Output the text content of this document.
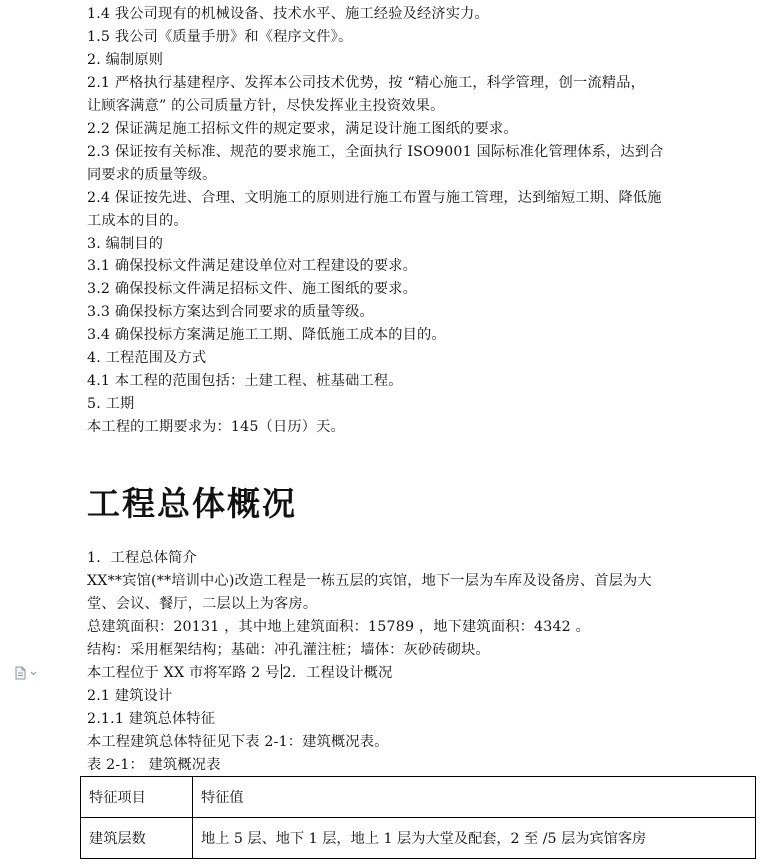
1.4 我公司现有的机械设备、技术水平、施工经验及经济实力。
1.5 我公司《质量手册》和《程序文件》。
2. 编制原则
2.1 严格执行基建程序、发挥本公司技术优势，按 “精心施工，科学管理，创一流精品，
让顾客满意” 的公司质量方针，尽快发挥业主投资效果。
2.2 保证满足施工招标文件的规定要求，满足设计施工图纸的要求。
2.3 保证按有关标准、规范的要求施工，全面执行 ISO9001 国际标准化管理体系，达到合
同要求的质量等级。
2.4 保证按先进、合理、文明施工的原则进行施工布置与施工管理，达到缩短工期、降低施
工成本的目的。
3. 编制目的
3.1 确保投标文件满足建设单位对工程建设的要求。
3.2 确保投标文件满足招标文件、施工图纸的要求。
3.3 确保投标方案达到合同要求的质量等级。
3.4 确保投标方案满足施工工期、降低施工成本的目的。
4. 工程范围及方式
4.1 本工程的范围包括：土建工程、桩基础工程。
5. 工期
本工程的工期要求为：145（日历）天。
工程总体概况
1．工程总体简介
XX**宾馆(**培训中心)改造工程是一栋五层的宾馆，地下一层为车库及设备房、首层为大
堂、会议、餐厅，二层以上为客房。
总建筑面积：20131 ，其中地上建筑面积：15789 ，地下建筑面积：4342 。
结构：采用框架结构；基础：冲孔灌注桩；墙体：灰砂砖砌块。
本工程位于 XX 市将军路 2 号 2．工程设计概况
2.1 建筑设计
2.1.1 建筑总体特征
本工程建筑总体特征见下表 2-1：建筑概况表。
表 2-1： 建筑概况表
特征项目	特征值
建筑层数	地上 5 层、地下 1 层，地上 1 层为大堂及配套，2 至 /5 层为宾馆客房
